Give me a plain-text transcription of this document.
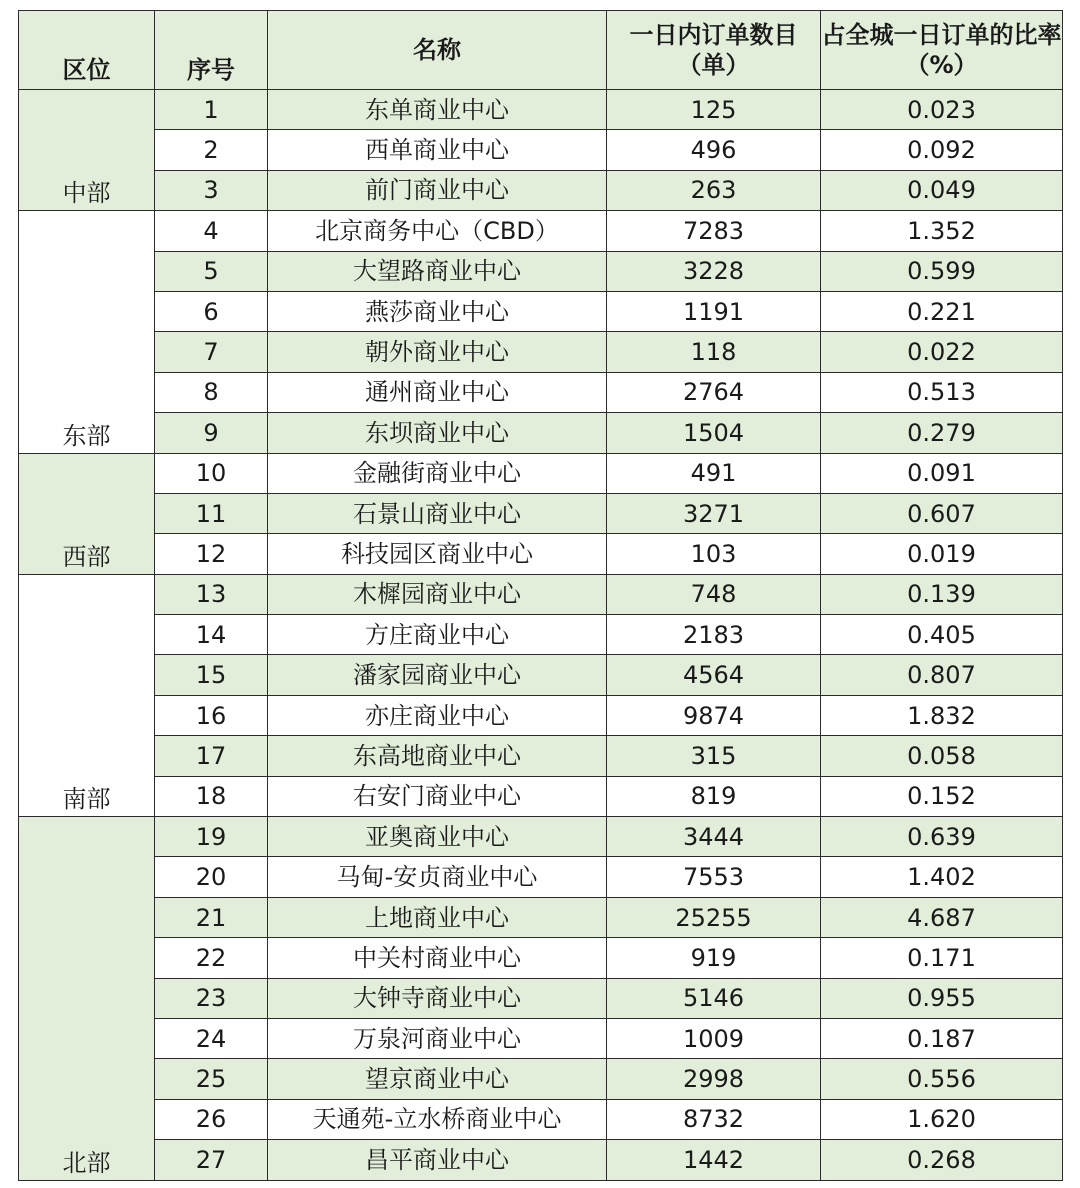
区位	序号	名称	一日内订单数目（单）	占全城一日订单的比率（%）
中部	1	东单商业中心	125	0.023
	2	西单商业中心	496	0.092
	3	前门商业中心	263	0.049
东部	4	北京商务中心（CBD）	7283	1.352
	5	大望路商业中心	3228	0.599
	6	燕莎商业中心	1191	0.221
	7	朝外商业中心	118	0.022
	8	通州商业中心	2764	0.513
	9	东坝商业中心	1504	0.279
西部	10	金融街商业中心	491	0.091
	11	石景山商业中心	3271	0.607
	12	科技园区商业中心	103	0.019
南部	13	木樨园商业中心	748	0.139
	14	方庄商业中心	2183	0.405
	15	潘家园商业中心	4564	0.807
	16	亦庄商业中心	9874	1.832
	17	东高地商业中心	315	0.058
	18	右安门商业中心	819	0.152
北部	19	亚奥商业中心	3444	0.639
	20	马甸-安贞商业中心	7553	1.402
	21	上地商业中心	25255	4.687
	22	中关村商业中心	919	0.171
	23	大钟寺商业中心	5146	0.955
	24	万泉河商业中心	1009	0.187
	25	望京商业中心	2998	0.556
	26	天通苑-立水桥商业中心	8732	1.620
	27	昌平商业中心	1442	0.268
